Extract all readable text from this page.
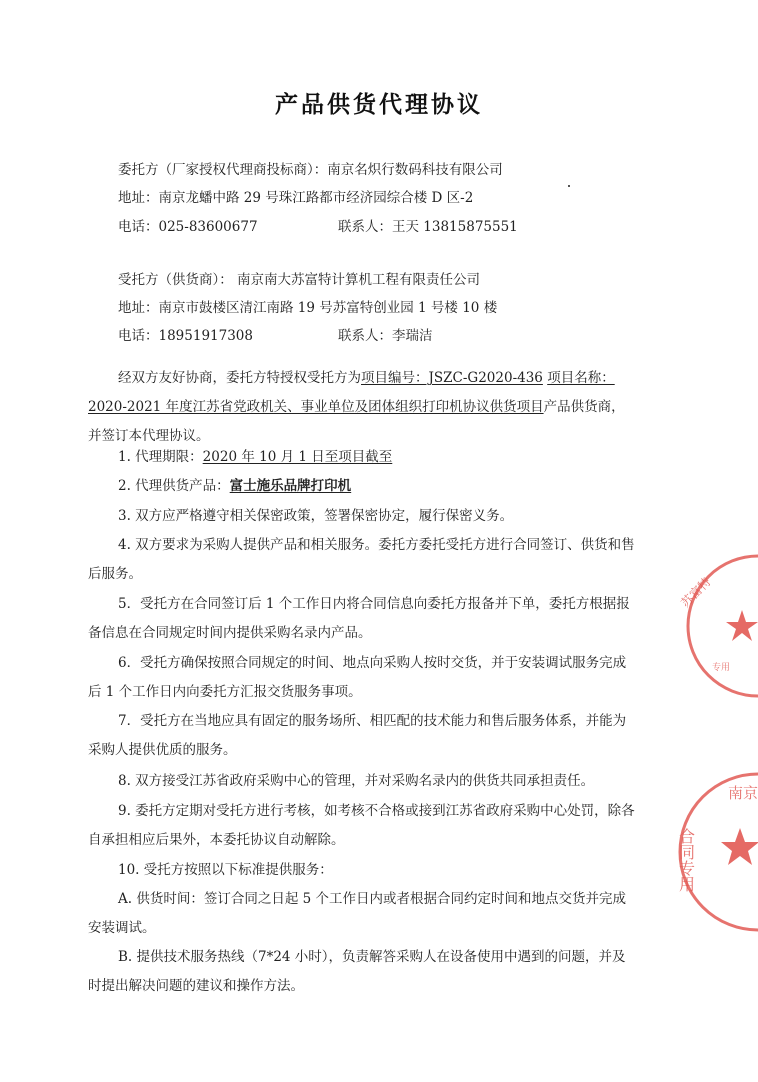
产品供货代理协议
委托方（厂家授权代理商投标商）：南京名炽行数码科技有限公司
地址：南京龙蟠中路 29 号珠江路都市经济园综合楼 D 区-2
电话：025-83600677	联系人：王天 13815875551
受托方（供货商）： 南京南大苏富特计算机工程有限责任公司
地址：南京市鼓楼区清江南路 19 号苏富特创业园 1 号楼 10 楼
电话：18951917308	联系人：李瑞洁
经双方友好协商，委托方特授权受托方为项目编号：JSZC-G2020-436 项目名称：2020-2021 年度江苏省党政机关、事业单位及团体组织打印机协议供货项目产品供货商，并签订本代理协议。
1. 代理期限：2020 年 10 月 1 日至项目截至
2. 代理供货产品：富士施乐品牌打印机
3. 双方应严格遵守相关保密政策，签署保密协定，履行保密义务。
4. 双方要求为采购人提供产品和相关服务。委托方委托受托方进行合同签订、供货和售后服务。
5．受托方在合同签订后 1 个工作日内将合同信息向委托方报备并下单，委托方根据报备信息在合同规定时间内提供采购名录内产品。
6．受托方确保按照合同规定的时间、地点向采购人按时交货，并于安装调试服务完成后 1 个工作日内向委托方汇报交货服务事项。
7．受托方在当地应具有固定的服务场所、相匹配的技术能力和售后服务体系，并能为采购人提供优质的服务。
8. 双方接受江苏省政府采购中心的管理，并对采购名录内的供货共同承担责任。
9. 委托方定期对受托方进行考核，如考核不合格或接到江苏省政府采购中心处罚，除各自承担相应后果外，本委托协议自动解除。
10. 受托方按照以下标准提供服务：
A. 供货时间：签订合同之日起 5 个工作日内或者根据合同约定时间和地点交货并完成安装调试。
B. 提供技术服务热线（7*24 小时），负责解答采购人在设备使用中遇到的问题，并及时提出解决问题的建议和操作方法。
苏富特
专用
南京
合同专用
